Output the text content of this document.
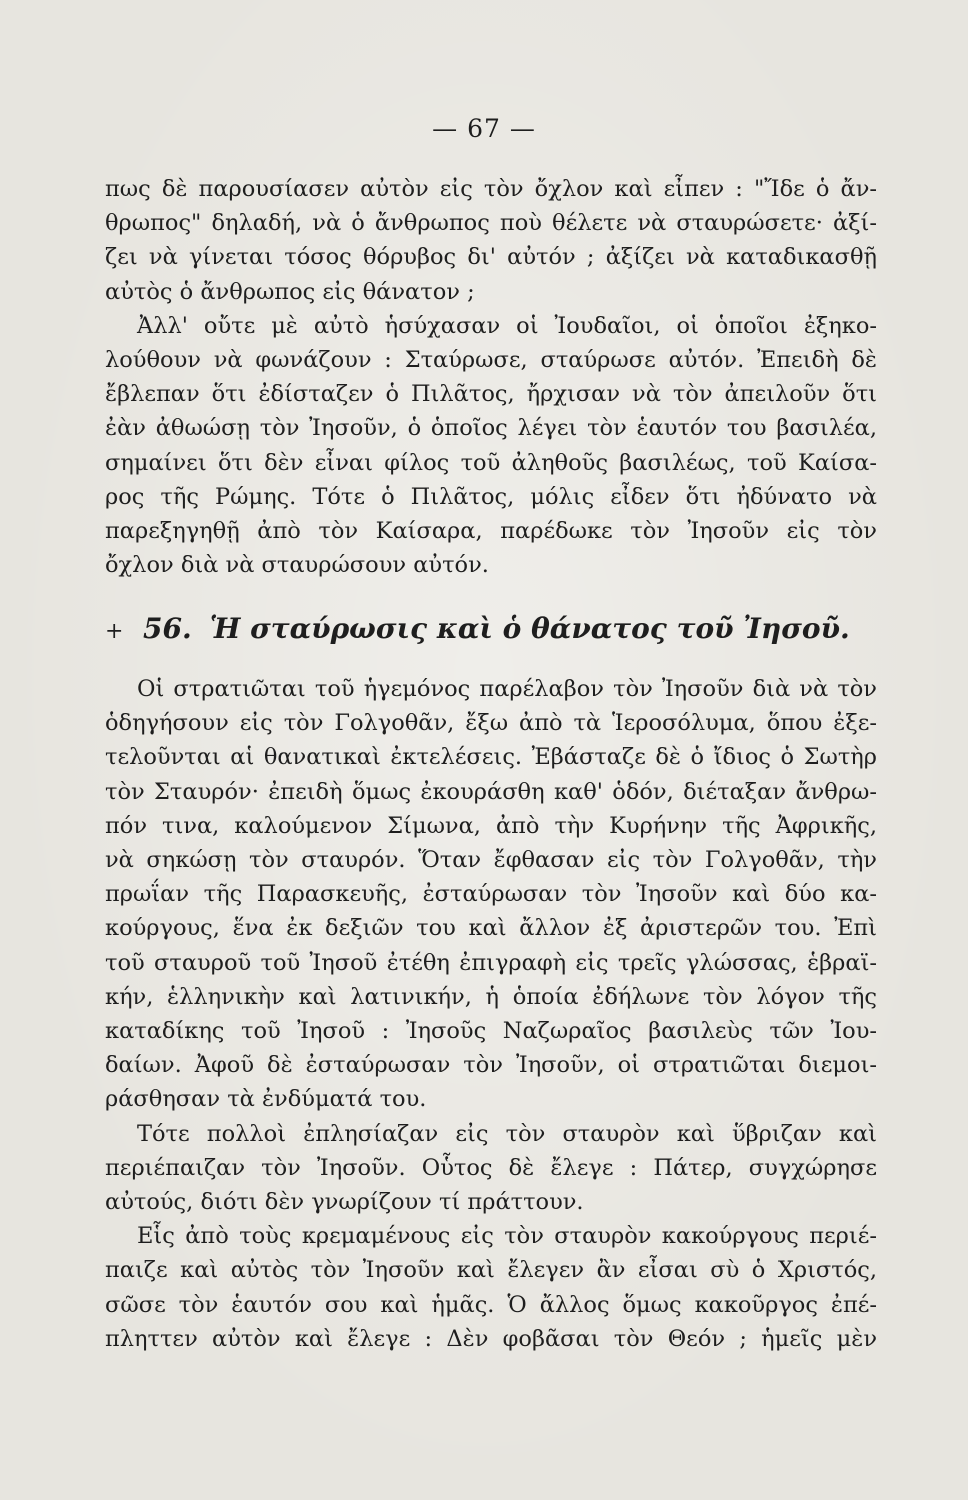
— 67 —
πως δὲ παρουσίασεν αὐτὸν εἰς τὸν ὄχλον καὶ εἶπεν : "Ἴδε ὁ ἄν-
θρωπος" δηλαδή, νὰ ὁ ἄνθρωπος ποὺ θέλετε νὰ σταυρώσετε· ἀξί-
ζει νὰ γίνεται τόσος θόρυβος δι' αὐτόν ; ἀξίζει νὰ καταδικασθῇ
αὐτὸς ὁ ἄνθρωπος εἰς θάνατον ;
Ἀλλ' οὔτε μὲ αὐτὸ ἡσύχασαν οἱ Ἰουδαῖοι, οἱ ὁποῖοι ἐξηκο-
λούθουν νὰ φωνάζουν : Σταύρωσε, σταύρωσε αὐτόν. Ἐπειδὴ δὲ
ἔβλεπαν ὅτι ἐδίσταζεν ὁ Πιλᾶτος, ἤρχισαν νὰ τὸν ἀπειλοῦν ὅτι
ἐὰν ἀθωώσῃ τὸν Ἰησοῦν, ὁ ὁποῖος λέγει τὸν ἑαυτόν του βασιλέα,
σημαίνει ὅτι δὲν εἶναι φίλος τοῦ ἀληθοῦς βασιλέως, τοῦ Καίσα-
ρος τῆς Ρώμης. Τότε ὁ Πιλᾶτος, μόλις εἶδεν ὅτι ἠδύνατο νὰ
παρεξηγηθῇ ἀπὸ τὸν Καίσαρα, παρέδωκε τὸν Ἰησοῦν εἰς τὸν
ὄχλον διὰ νὰ σταυρώσουν αὐτόν.
+ 56. Ἡ σταύρωσις καὶ ὁ θάνατος τοῦ Ἰησοῦ.
Οἱ στρατιῶται τοῦ ἡγεμόνος παρέλαβον τὸν Ἰησοῦν διὰ νὰ τὸν
ὁδηγήσουν εἰς τὸν Γολγοθᾶν, ἔξω ἀπὸ τὰ Ἱεροσόλυμα, ὅπου ἐξε-
τελοῦνται αἱ θανατικαὶ ἐκτελέσεις. Ἐβάσταζε δὲ ὁ ἴδιος ὁ Σωτὴρ
τὸν Σταυρόν· ἐπειδὴ ὅμως ἐκουράσθη καθ' ὁδόν, διέταξαν ἄνθρω-
πόν τινα, καλούμενον Σίμωνα, ἀπὸ τὴν Κυρήνην τῆς Ἀφρικῆς,
νὰ σηκώσῃ τὸν σταυρόν. Ὅταν ἔφθασαν εἰς τὸν Γολγοθᾶν, τὴν
πρωΐαν τῆς Παρασκευῆς, ἐσταύρωσαν τὸν Ἰησοῦν καὶ δύο κα-
κούργους, ἕνα ἐκ δεξιῶν του καὶ ἄλλον ἐξ ἀριστερῶν του. Ἐπὶ
τοῦ σταυροῦ τοῦ Ἰησοῦ ἐτέθη ἐπιγραφὴ εἰς τρεῖς γλώσσας, ἑβραϊ-
κήν, ἑλληνικὴν καὶ λατινικήν, ἡ ὁποία ἐδήλωνε τὸν λόγον τῆς
καταδίκης τοῦ Ἰησοῦ : Ἰησοῦς Ναζωραῖος βασιλεὺς τῶν Ἰου-
δαίων. Ἀφοῦ δὲ ἐσταύρωσαν τὸν Ἰησοῦν, οἱ στρατιῶται διεμοι-
ράσθησαν τὰ ἐνδύματά του.
Τότε πολλοὶ ἐπλησίαζαν εἰς τὸν σταυρὸν καὶ ὕβριζαν καὶ
περιέπαιζαν τὸν Ἰησοῦν. Οὗτος δὲ ἔλεγε : Πάτερ, συγχώρησε
αὐτούς, διότι δὲν γνωρίζουν τί πράττουν.
Εἷς ἀπὸ τοὺς κρεμαμένους εἰς τὸν σταυρὸν κακούργους περιέ-
παιζε καὶ αὐτὸς τὸν Ἰησοῦν καὶ ἔλεγεν ἂν εἶσαι σὺ ὁ Χριστός,
σῶσε τὸν ἑαυτόν σου καὶ ἡμᾶς. Ὁ ἄλλος ὅμως κακοῦργος ἐπέ-
πληττεν αὐτὸν καὶ ἔλεγε : Δὲν φοβᾶσαι τὸν Θεόν ; ἡμεῖς μὲν
